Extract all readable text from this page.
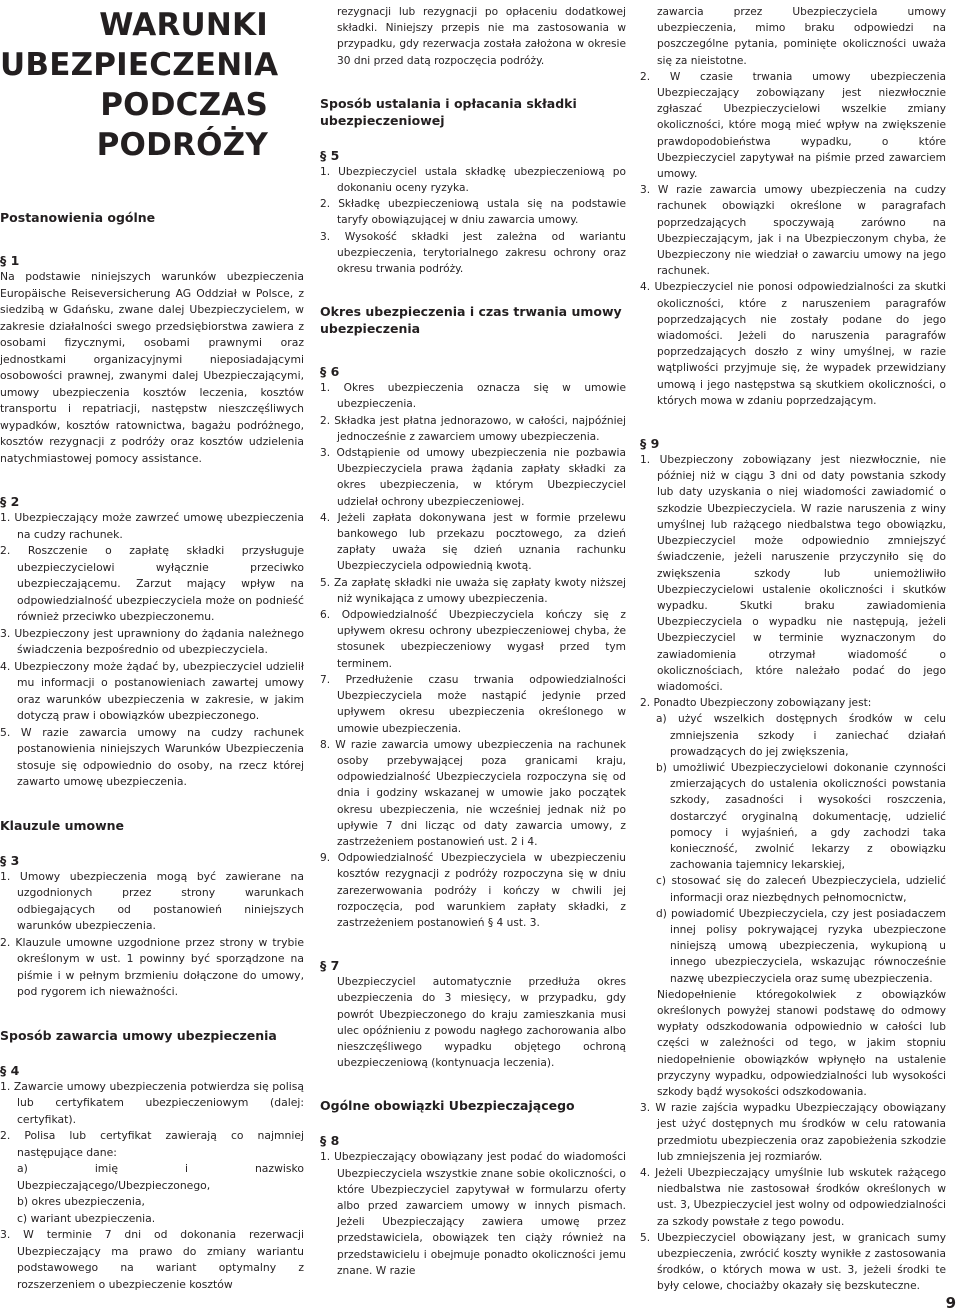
WARUNKI
UBEZPIECZENIA
PODCZAS
PODRÓŻY
Postanowienia ogólne
§ 1

Na podstawie niniejszych warunków ubezpieczenia Europäische Reiseversicherung AG Oddział w Polsce, z siedzibą w Gdańsku, zwane dalej Ubezpieczycielem, w zakresie działalności swego przedsiębiorstwa zawiera z osobami fizycznymi, osobami prawnymi oraz jednostkami organizacyjnymi nieposiadającymi osobowości prawnej, zwanymi dalej Ubezpieczającymi, umowy ubezpieczenia kosztów leczenia, kosztów transportu i repatriacji, następstw nieszczęśliwych wypadków, kosztów ratownictwa, bagażu podróżnego, kosztów rezygnacji z podróży oraz kosztów udzielenia natychmiastowej pomocy assistance.

§ 2

1. Ubezpieczający może zawrzeć umowę ubezpieczenia na cudzy rachunek.

2. Roszczenie o zapłatę składki przysługuje ubezpieczycielowi wyłącznie przeciwko ubezpieczającemu. Zarzut mający wpływ na odpowiedzialność ubezpieczyciela może on podnieść również przeciwko ubezpieczonemu.

3. Ubezpieczony jest uprawniony do żądania należnego świadczenia bezpośrednio od ubezpieczyciela.

4. Ubezpieczony może żądać by, ubezpieczyciel udzielił mu informacji o postanowieniach zawartej umowy oraz warunków ubezpieczenia w zakresie, w jakim dotyczą praw i obowiązków ubezpieczonego.

5. W razie zawarcia umowy na cudzy rachunek postanowienia niniejszych Warunków Ubezpieczenia stosuje się odpowiednio do osoby, na rzecz której zawarto umowę ubezpieczenia.

Klauzule umowne
§ 3

1. Umowy ubezpieczenia mogą być zawierane na uzgodnionych przez strony warunkach odbiegających od postanowień niniejszych warunków ubezpieczenia.

2. Klauzule umowne uzgodnione przez strony w trybie określonym w ust. 1 powinny być sporządzone na piśmie i w pełnym brzmieniu dołączone do umowy, pod rygorem ich nieważności.

Sposób zawarcia umowy ubezpieczenia
§ 4

1. Zawarcie umowy ubezpieczenia potwierdza się polisą lub certyfikatem ubezpieczeniowym (dalej: certyfikat).

2. Polisa lub certyfikat zawierają co najmniej następujące dane:

a) imię i nazwisko Ubezpieczającego/Ubezpieczonego,

b) okres ubezpieczenia,

c) wariant ubezpieczenia.

3. W terminie 7 dni od dokonania rezerwacji Ubezpieczający ma prawo do zmiany wariantu podstawowego na wariant optymalny z rozszerzeniem o ubezpieczenie kosztów

rezygnacji lub rezygnacji po opłaceniu dodatkowej składki. Niniejszy przepis nie ma zastosowania w przypadku, gdy rezerwacja została założona w okresie 30 dni przed datą rozpoczęcia podróży.

Sposób ustalania i opłacania składki ubezpieczeniowej
§ 5

1. Ubezpieczyciel ustala składkę ubezpieczeniową po dokonaniu oceny ryzyka.

2. Składkę ubezpieczeniową ustala się na podstawie taryfy obowiązującej w dniu zawarcia umowy.

3. Wysokość składki jest zależna od wariantu ubezpieczenia, terytorialnego zakresu ochrony oraz okresu trwania podróży.

Okres ubezpieczenia i czas trwania umowy ubezpieczenia
§ 6

1. Okres ubezpieczenia oznacza się w umowie ubezpieczenia.

2. Składka jest płatna jednorazowo, w całości, najpóźniej jednocześnie z zawarciem umowy ubezpieczenia.

3. Odstąpienie od umowy ubezpieczenia nie pozbawia Ubezpieczyciela prawa żądania zapłaty składki za okres ubezpieczenia, w którym Ubezpieczyciel udzielał ochrony ubezpieczeniowej.

4. Jeżeli zapłata dokonywana jest w formie przelewu bankowego lub przekazu pocztowego, za dzień zapłaty uważa się dzień uznania rachunku Ubezpieczyciela odpowiednią kwotą.

5. Za zapłatę składki nie uważa się zapłaty kwoty niższej niż wynikająca z umowy ubezpieczenia.

6. Odpowiedzialność Ubezpieczyciela kończy się z upływem okresu ochrony ubezpieczeniowej chyba, że stosunek ubezpieczeniowy wygasł przed tym terminem.

7. Przedłużenie czasu trwania odpowiedzialności Ubezpieczyciela może nastąpić jedynie przed upływem okresu ubezpieczenia określonego w umowie ubezpieczenia.

8. W razie zawarcia umowy ubezpieczenia na rachunek osoby przebywającej poza granicami kraju, odpowiedzialność Ubezpieczyciela rozpoczyna się od dnia i godziny wskazanej w umowie jako początek okresu ubezpieczenia, nie wcześniej jednak niż po upływie 7 dni licząc od daty zawarcia umowy, z zastrzeżeniem postanowień ust. 2 i 4.

9. Odpowiedzialność Ubezpieczyciela w ubezpieczeniu kosztów rezygnacji z podróży rozpoczyna się w dniu zarezerwowania podróży i kończy w chwili jej rozpoczęcia, pod warunkiem zapłaty składki, z zastrzeżeniem postanowień § 4 ust. 3.

§ 7

Ubezpieczyciel automatycznie przedłuża okres ubezpieczenia do 3 miesięcy, w przypadku, gdy powrót Ubezpieczonego do kraju zamieszkania musi ulec opóźnieniu z powodu nagłego zachorowania albo nieszczęśliwego wypadku objętego ochroną ubezpieczeniową (kontynuacja leczenia).

Ogólne obowiązki Ubezpieczającego
§ 8

1. Ubezpieczający obowiązany jest podać do wiadomości Ubezpieczyciela wszystkie znane sobie okoliczności, o które Ubezpieczyciel zapytywał w formularzu oferty albo przed zawarciem umowy w innych pismach. Jeżeli Ubezpieczający zawiera umowę przez przedstawiciela, obowiązek ten ciąży również na przedstawicielu i obejmuje ponadto okoliczności jemu znane. W razie

zawarcia przez Ubezpieczyciela umowy ubezpieczenia, mimo braku odpowiedzi na poszczególne pytania, pominięte okoliczności uważa się za nieistotne.

2. W czasie trwania umowy ubezpieczenia Ubezpieczający zobowiązany jest niezwłocznie zgłaszać Ubezpieczycielowi wszelkie zmiany okoliczności, które mogą mieć wpływ na zwiększenie prawdopodobieństwa wypadku, o które Ubezpieczyciel zapytywał na piśmie przed zawarciem umowy.

3. W razie zawarcia umowy ubezpieczenia na cudzy rachunek obowiązki określone w paragrafach poprzedzających spoczywają zarówno na Ubezpieczającym, jak i na Ubezpieczonym chyba, że Ubezpieczony nie wiedział o zawarciu umowy na jego rachunek.

4. Ubezpieczyciel nie ponosi odpowiedzialności za skutki okoliczności, które z naruszeniem paragrafów poprzedzających nie zostały podane do jego wiadomości. Jeżeli do naruszenia paragrafów poprzedzających doszło z winy umyślnej, w razie wątpliwości przyjmuje się, że wypadek przewidziany umową i jego następstwa są skutkiem okoliczności, o których mowa w zdaniu poprzedzającym.

§ 9

1. Ubezpieczony zobowiązany jest niezwłocznie, nie później niż w ciągu 3 dni od daty powstania szkody lub daty uzyskania o niej wiadomości zawiadomić o szkodzie Ubezpieczyciela. W razie naruszenia z winy umyślnej lub rażącego niedbalstwa tego obowiązku, Ubezpieczyciel może odpowiednio zmniejszyć świadczenie, jeżeli naruszenie przyczyniło się do zwiększenia szkody lub uniemożliwiło Ubezpieczycielowi ustalenie okoliczności i skutków wypadku. Skutki braku zawiadomienia Ubezpieczyciela o wypadku nie następują, jeżeli Ubezpieczyciel w terminie wyznaczonym do zawiadomienia otrzymał wiadomość o okolicznościach, które należało podać do jego wiadomości.

2. Ponadto Ubezpieczony zobowiązany jest:

a) użyć wszelkich dostępnych środków w celu zmniejszenia szkody i zaniechać działań prowadzących do jej zwiększenia,

b) umożliwić Ubezpieczycielowi dokonanie czynności zmierzających do ustalenia okoliczności powstania szkody, zasadności i wysokości roszczenia, dostarczyć oryginalną dokumentację, udzielić pomocy i wyjaśnień, a gdy zachodzi taka konieczność, zwolnić lekarzy z obowiązku zachowania tajemnicy lekarskiej,

c) stosować się do zaleceń Ubezpieczyciela, udzielić informacji oraz niezbędnych pełnomocnictw,

d) powiadomić Ubezpieczyciela, czy jest posiadaczem innej polisy pokrywającej ryzyka ubezpieczone niniejszą umową ubezpieczenia, wykupioną u innego ubezpieczyciela, wskazując równocześnie nazwę ubezpieczyciela oraz sumę ubezpieczenia.

Niedopełnienie któregokolwiek z obowiązków określonych powyżej stanowi podstawę do odmowy wypłaty odszkodowania odpowiednio w całości lub części w zależności od tego, w jakim stopniu niedopełnienie obowiązków wpłynęło na ustalenie przyczyny wypadku, odpowiedzialności lub wysokości szkody bądź wysokości odszkodowania.

3. W razie zajścia wypadku Ubezpieczający obowiązany jest użyć dostępnych mu środków w celu ratowania przedmiotu ubezpieczenia oraz zapobieżenia szkodzie lub zmniejszenia jej rozmiarów.

4. Jeżeli Ubezpieczający umyślnie lub wskutek rażącego niedbalstwa nie zastosował środków określonych w ust. 3, Ubezpieczyciel jest wolny od odpowiedzialności za szkody powstałe z tego powodu.

5. Ubezpieczyciel obowiązany jest, w granicach sumy ubezpieczenia, zwrócić koszty wynikłe z zastosowania środków, o których mowa w ust. 3, jeżeli środki te były celowe, chociażby okazały się bezskuteczne.

9
